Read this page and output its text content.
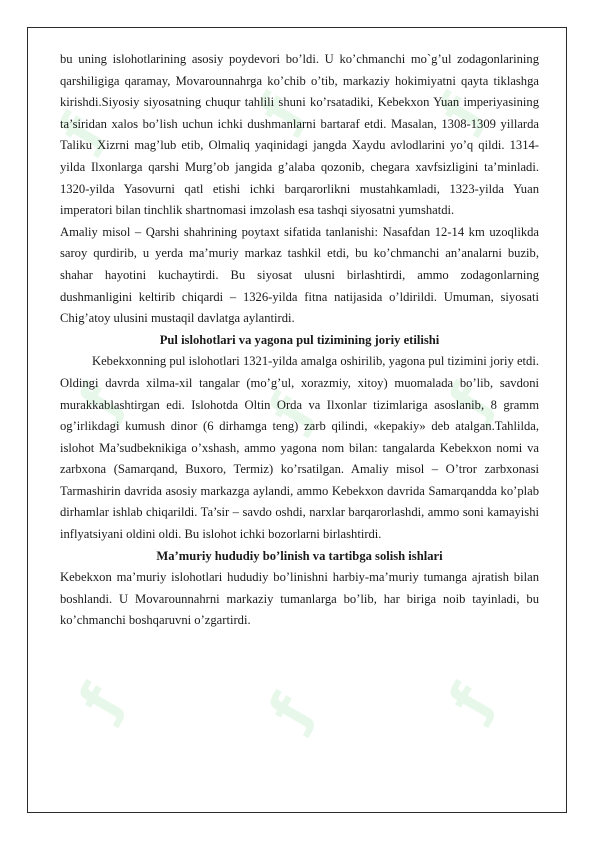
ƒ ƒ ƒ
ƒ ƒ ƒ
ƒ ƒ ƒ

bu uning islohotlarining asosiy poydevori bo’ldi. U ko’chmanchi mo`g’ul zodagonlarining qarshiligiga qaramay, Movarounnahrga ko’chib o’tib, markaziy hokimiyatni qayta tiklashga kirishdi.Siyosiy siyosatning chuqur tahlili shuni ko’rsatadiki, Kebekxon Yuan imperiyasining ta’siridan xalos bo’lish uchun ichki dushmanlarni bartaraf etdi. Masalan, 1308-1309 yillarda Taliku Xizrni mag’lub etib, Olmaliq yaqinidagi jangda Xaydu avlodlarini yo’q qildi. 1314-yilda Ilxonlarga qarshi Murg’ob jangida g’alaba qozonib, chegara xavfsizligini ta’minladi. 1320-yilda Yasovurni qatl etishi ichki barqarorlikni mustahkamladi, 1323-yilda Yuan imperatori bilan tinchlik shartnomasi imzolash esa tashqi siyosatni yumshatdi.

Amaliy misol – Qarshi shahrining poytaxt sifatida tanlanishi: Nasafdan 12-14 km uzoqlikda saroy qurdirib, u yerda ma’muriy markaz tashkil etdi, bu ko’chmanchi an’analarni buzib, shahar hayotini kuchaytirdi. Bu siyosat ulusni birlashtirdi, ammo zodagonlarning dushmanligini keltirib chiqardi – 1326-yilda fitna natijasida o’ldirildi. Umuman, siyosati Chig’atoy ulusini mustaqil davlatga aylantirdi.

Pul islohotlari va yagona pul tizimining joriy etilishi

Kebekxonning pul islohotlari 1321-yilda amalga oshirilib, yagona pul tizimini joriy etdi. Oldingi davrda xilma-xil tangalar (mo’g’ul, xorazmiy, xitoy) muomalada bo’lib, savdoni murakkablashtirgan edi. Islohotda Oltin Orda va Ilxonlar tizimlariga asoslanib, 8 gramm og’irlikdagi kumush dinor (6 dirhamga teng) zarb qilindi, «kepakiy» deb atalgan.Tahlilda, islohot Ma’sudbeknikiga o’xshash, ammo yagona nom bilan: tangalarda Kebekxon nomi va zarbxona (Samarqand, Buxoro, Termiz) ko’rsatilgan. Amaliy misol – O’tror zarbxonasi Tarmashirin davrida asosiy markazga aylandi, ammo Kebekxon davrida Samarqandda ko’plab dirhamlar ishlab chiqarildi. Ta’sir – savdo oshdi, narxlar barqarorlashdi, ammo soni kamayishi inflyatsiyani oldini oldi. Bu islohot ichki bozorlarni birlashtirdi.

Ma’muriy hududiy bo’linish va tartibga solish ishlari

Kebekxon ma’muriy islohotlari hududiy bo’linishni harbiy-ma’muriy tumanga ajratish bilan boshlandi. U Movarounnahrni markaziy tumanlarga bo’lib, har biriga noib tayinladi, bu ko’chmanchi boshqaruvni o’zgartirdi.
